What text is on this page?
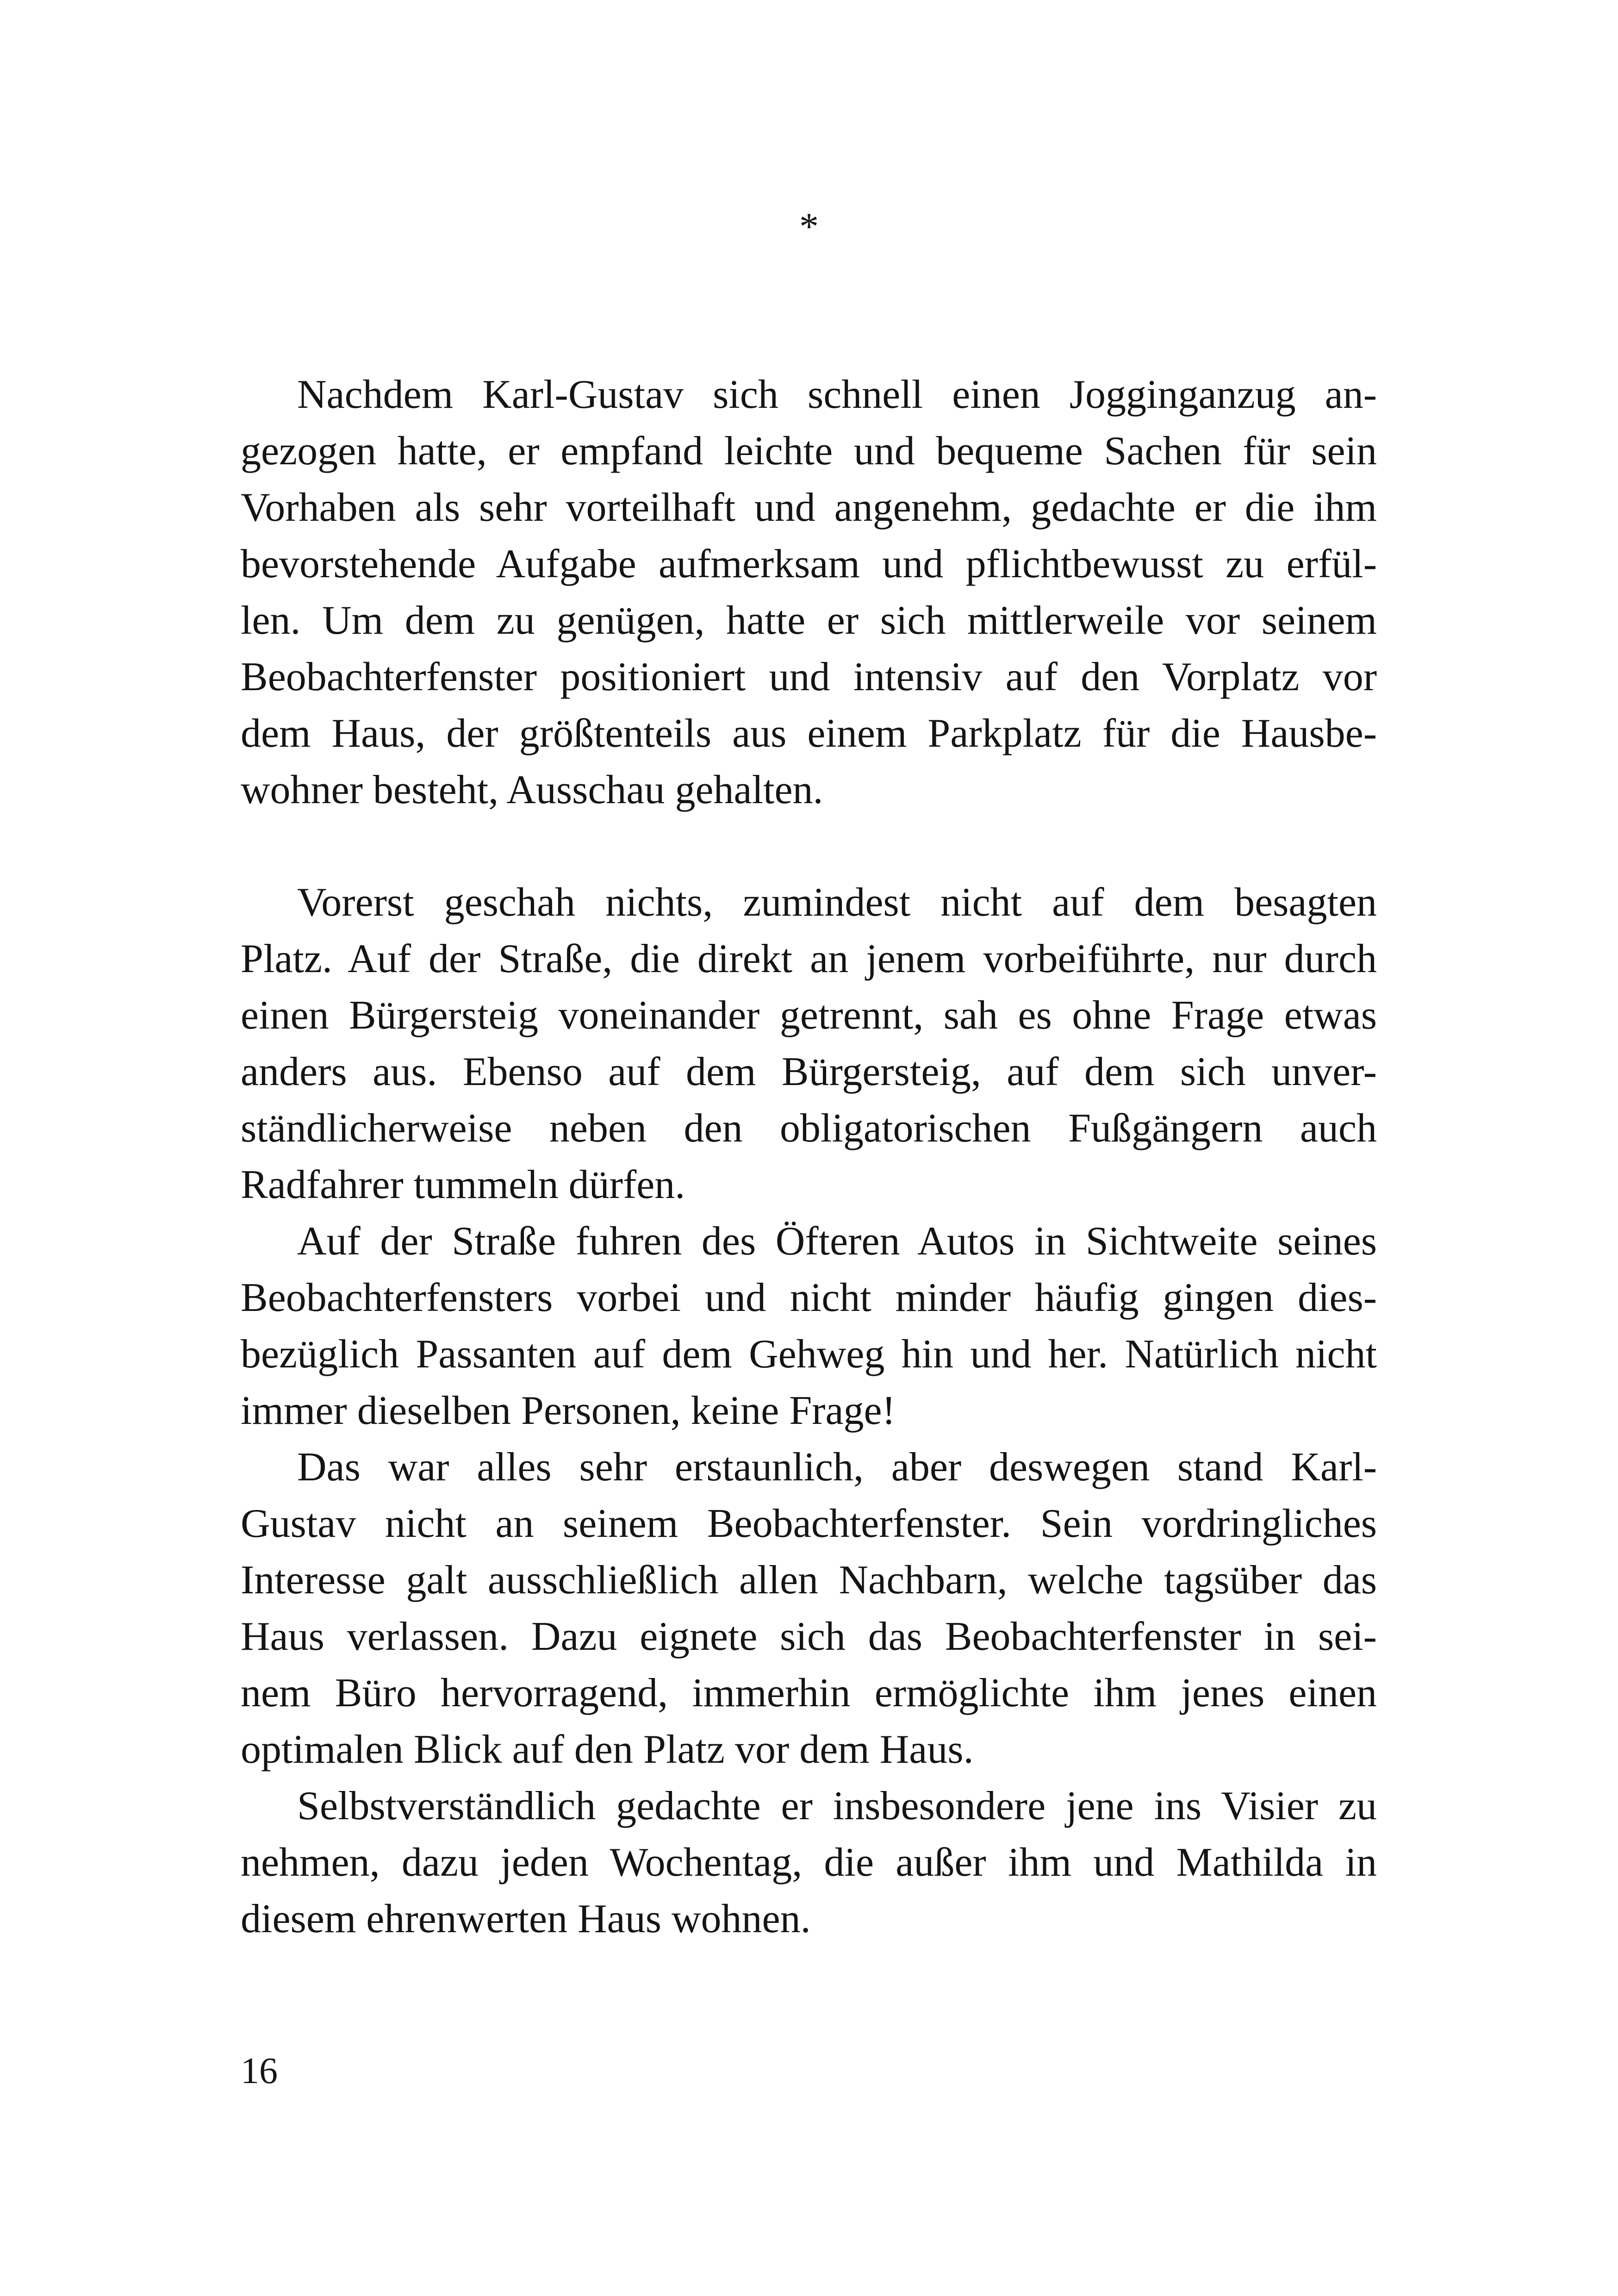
*
Nachdem Karl-Gustav sich schnell einen Jogginganzug an-
gezogen hatte, er empfand leichte und bequeme Sachen für sein
Vorhaben als sehr vorteilhaft und angenehm, gedachte er die ihm
bevorstehende Aufgabe aufmerksam und pflichtbewusst zu erfül-
len. Um dem zu genügen, hatte er sich mittlerweile vor seinem
Beobachterfenster positioniert und intensiv auf den Vorplatz vor
dem Haus, der größtenteils aus einem Parkplatz für die Hausbe-
wohner besteht, Ausschau gehalten.
Vorerst geschah nichts, zumindest nicht auf dem besagten
Platz. Auf der Straße, die direkt an jenem vorbeiführte, nur durch
einen Bürgersteig voneinander getrennt, sah es ohne Frage etwas
anders aus. Ebenso auf dem Bürgersteig, auf dem sich unver-
ständlicherweise neben den obligatorischen Fußgängern auch
Radfahrer tummeln dürfen.
Auf der Straße fuhren des Öfteren Autos in Sichtweite seines
Beobachterfensters vorbei und nicht minder häufig gingen dies-
bezüglich Passanten auf dem Gehweg hin und her. Natürlich nicht
immer dieselben Personen, keine Frage!
Das war alles sehr erstaunlich, aber deswegen stand Karl-
Gustav nicht an seinem Beobachterfenster. Sein vordringliches
Interesse galt ausschließlich allen Nachbarn, welche tagsüber das
Haus verlassen. Dazu eignete sich das Beobachterfenster in sei-
nem Büro hervorragend, immerhin ermöglichte ihm jenes einen
optimalen Blick auf den Platz vor dem Haus.
Selbstverständlich gedachte er insbesondere jene ins Visier zu
nehmen, dazu jeden Wochentag, die außer ihm und Mathilda in
diesem ehrenwerten Haus wohnen.
16
